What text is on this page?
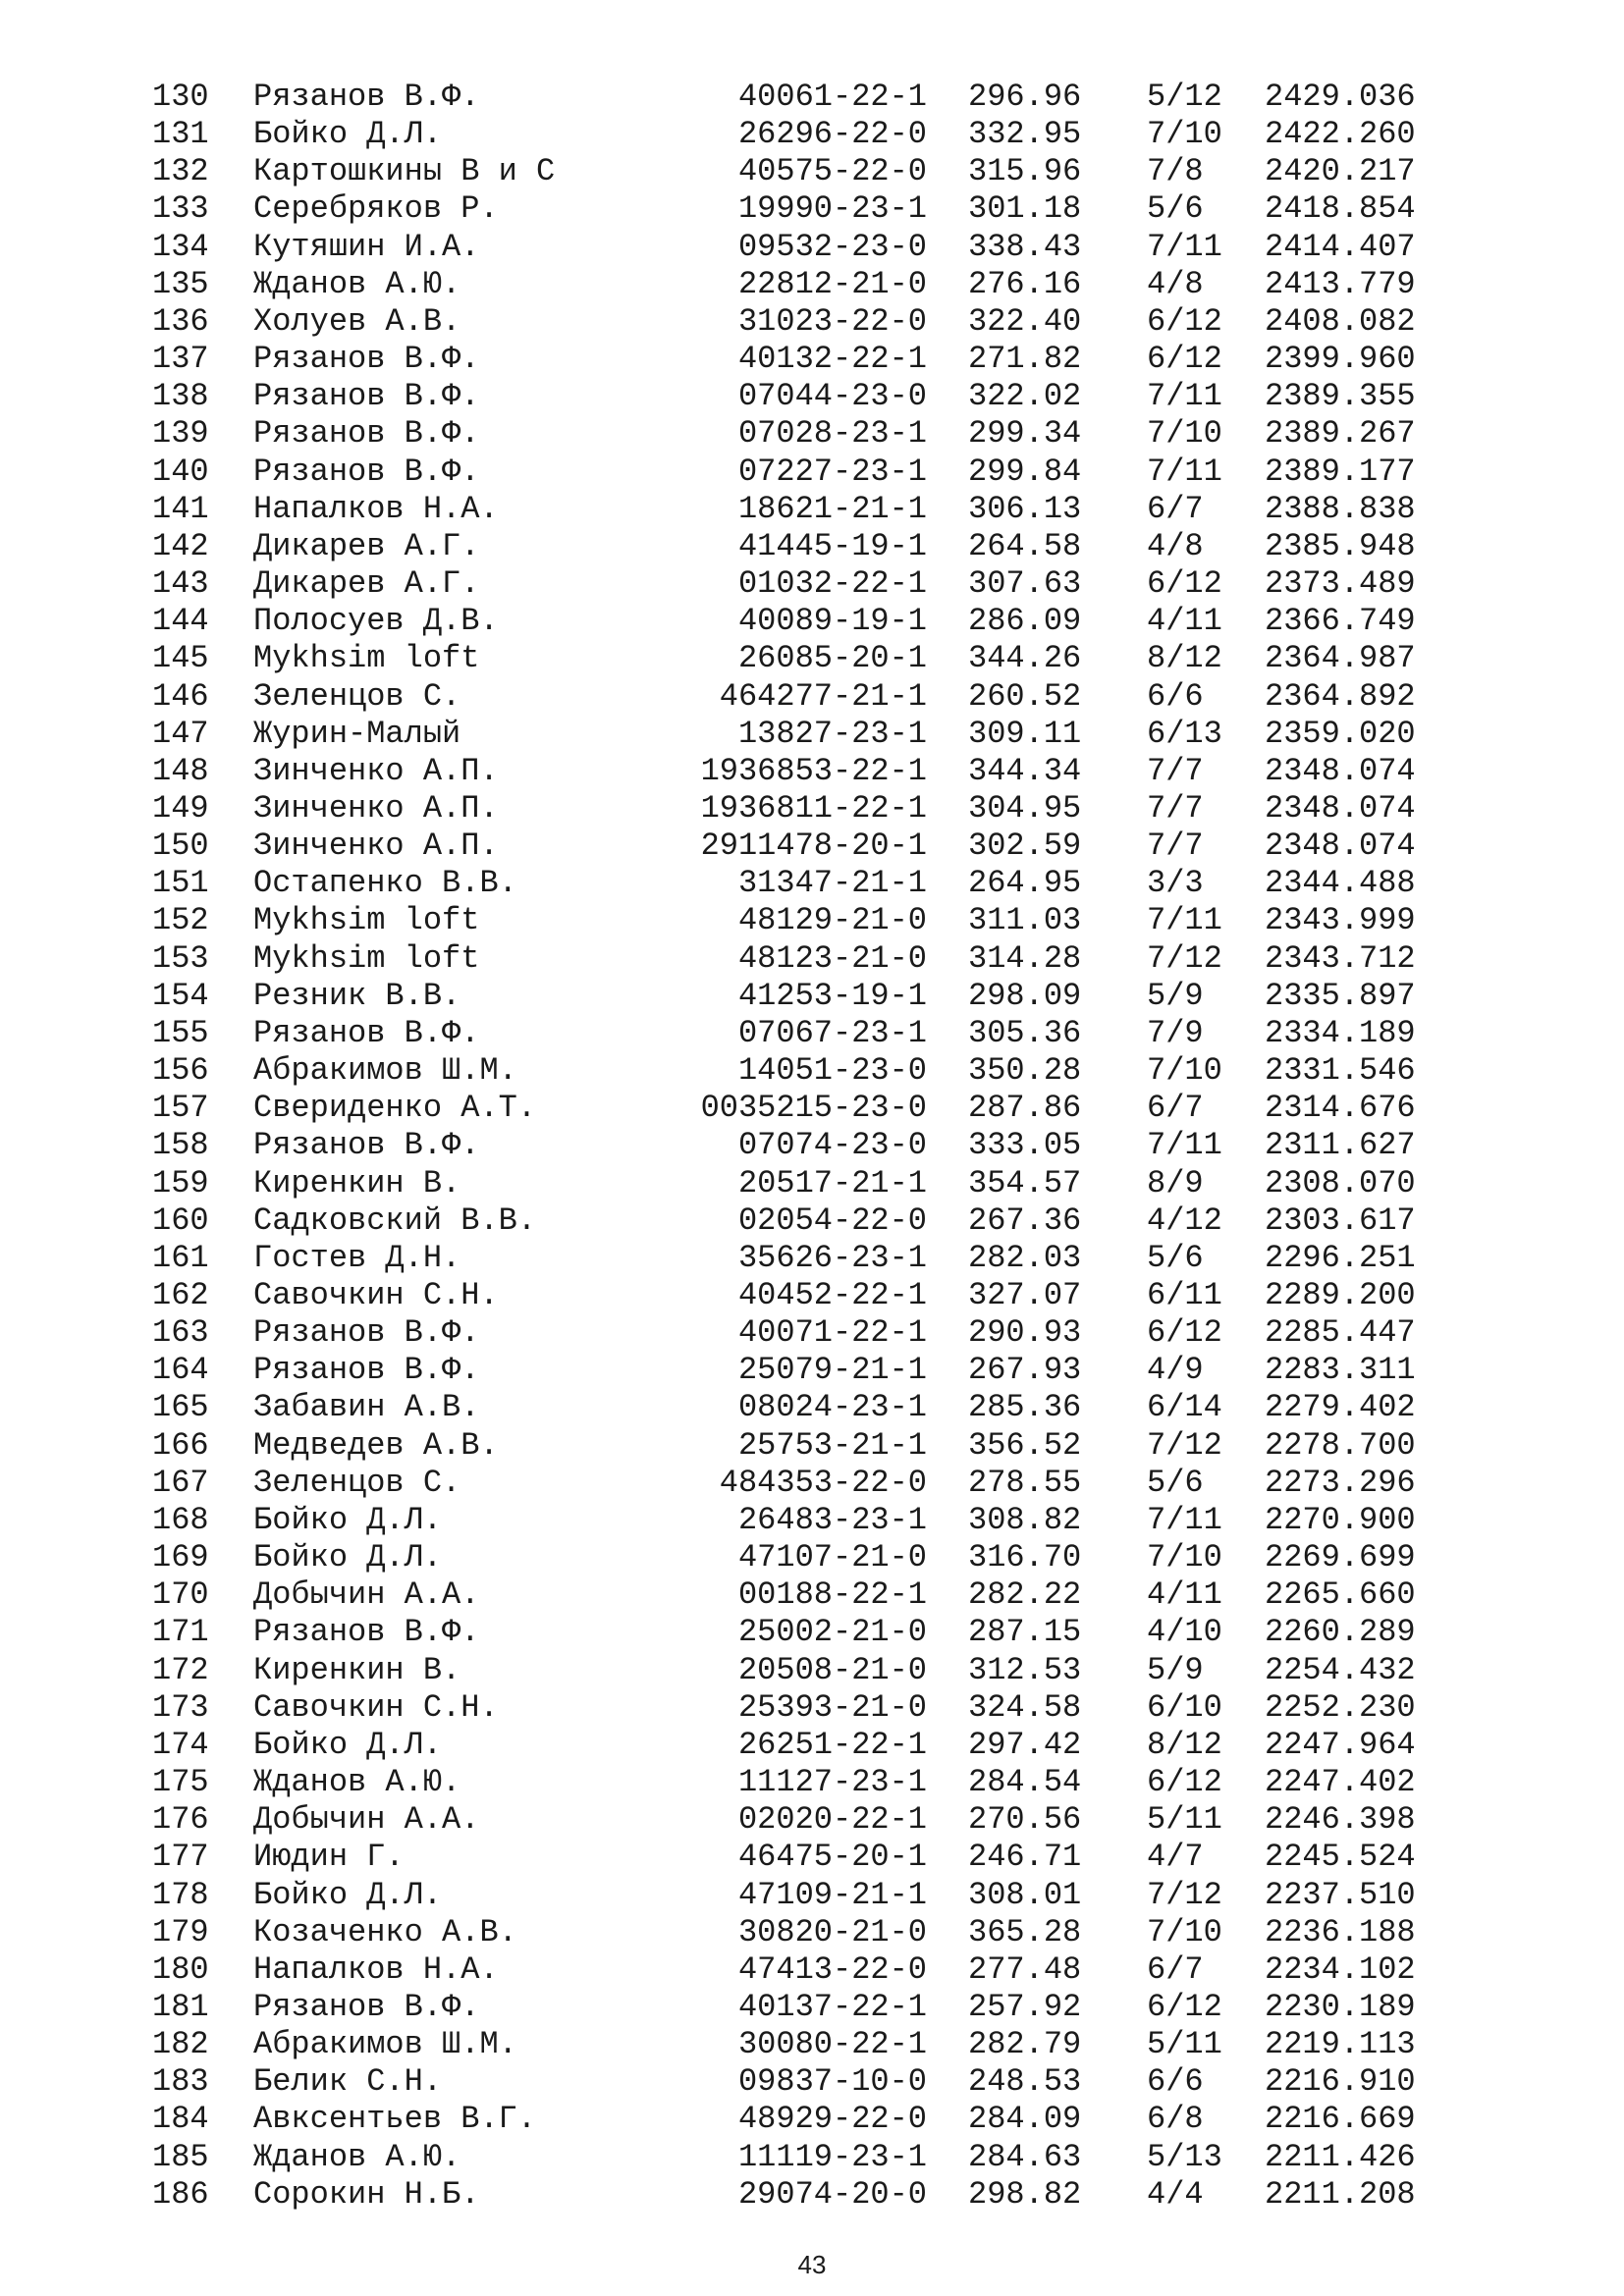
130 Рязанов В.Ф.	40061-22-1 296.96 5/12 2429.036
131 Бойко Д.Л.	26296-22-0 332.95 7/10 2422.260
132 Картошкины В и С	40575-22-0 315.96 7/8 2420.217
133 Серебряков Р.	19990-23-1 301.18 5/6 2418.854
134 Кутяшин И.А.	09532-23-0 338.43 7/11 2414.407
135 Жданов А.Ю.	22812-21-0 276.16 4/8 2413.779
136 Холуев А.В.	31023-22-0 322.40 6/12 2408.082
137 Рязанов В.Ф.	40132-22-1 271.82 6/12 2399.960
138 Рязанов В.Ф.	07044-23-0 322.02 7/11 2389.355
139 Рязанов В.Ф.	07028-23-1 299.34 7/10 2389.267
140 Рязанов В.Ф.	07227-23-1 299.84 7/11 2389.177
141 Напалков Н.А.	18621-21-1 306.13 6/7 2388.838
142 Дикарев А.Г.	41445-19-1 264.58 4/8 2385.948
143 Дикарев А.Г.	01032-22-1 307.63 6/12 2373.489
144 Полосуев Д.В.	40089-19-1 286.09 4/11 2366.749
145 Mykhsim loft	26085-20-1 344.26 8/12 2364.987
146 Зеленцов С.	464277-21-1 260.52 6/6 2364.892
147 Журин-Малый	13827-23-1 309.11 6/13 2359.020
148 Зинченко А.П.	1936853-22-1 344.34 7/7 2348.074
149 Зинченко А.П.	1936811-22-1 304.95 7/7 2348.074
150 Зинченко А.П.	2911478-20-1 302.59 7/7 2348.074
151 Остапенко В.В.	31347-21-1 264.95 3/3 2344.488
152 Mykhsim loft	48129-21-0 311.03 7/11 2343.999
153 Mykhsim loft	48123-21-0 314.28 7/12 2343.712
154 Резник В.В.	41253-19-1 298.09 5/9 2335.897
155 Рязанов В.Ф.	07067-23-1 305.36 7/9 2334.189
156 Абракимов Ш.М.	14051-23-0 350.28 7/10 2331.546
157 Свериденко А.Т.	0035215-23-0 287.86 6/7 2314.676
158 Рязанов В.Ф.	07074-23-0 333.05 7/11 2311.627
159 Киренкин В.	20517-21-1 354.57 8/9 2308.070
160 Садковский В.В.	02054-22-0 267.36 4/12 2303.617
161 Гостев Д.Н.	35626-23-1 282.03 5/6 2296.251
162 Савочкин С.Н.	40452-22-1 327.07 6/11 2289.200
163 Рязанов В.Ф.	40071-22-1 290.93 6/12 2285.447
164 Рязанов В.Ф.	25079-21-1 267.93 4/9 2283.311
165 Забавин А.В.	08024-23-1 285.36 6/14 2279.402
166 Медведев А.В.	25753-21-1 356.52 7/12 2278.700
167 Зеленцов С.	484353-22-0 278.55 5/6 2273.296
168 Бойко Д.Л.	26483-23-1 308.82 7/11 2270.900
169 Бойко Д.Л.	47107-21-0 316.70 7/10 2269.699
170 Добычин А.А.	00188-22-1 282.22 4/11 2265.660
171 Рязанов В.Ф.	25002-21-0 287.15 4/10 2260.289
172 Киренкин В.	20508-21-0 312.53 5/9 2254.432
173 Савочкин С.Н.	25393-21-0 324.58 6/10 2252.230
174 Бойко Д.Л.	26251-22-1 297.42 8/12 2247.964
175 Жданов А.Ю.	11127-23-1 284.54 6/12 2247.402
176 Добычин А.А.	02020-22-1 270.56 5/11 2246.398
177 Июдин Г.	46475-20-1 246.71 4/7 2245.524
178 Бойко Д.Л.	47109-21-1 308.01 7/12 2237.510
179 Козаченко А.В.	30820-21-0 365.28 7/10 2236.188
180 Напалков Н.А.	47413-22-0 277.48 6/7 2234.102
181 Рязанов В.Ф.	40137-22-1 257.92 6/12 2230.189
182 Абракимов Ш.М.	30080-22-1 282.79 5/11 2219.113
183 Белик С.Н.	09837-10-0 248.53 6/6 2216.910
184 Авксентьев В.Г.	48929-22-0 284.09 6/8 2216.669
185 Жданов А.Ю.	11119-23-1 284.63 5/13 2211.426
186 Сорокин Н.Б.	29074-20-0 298.82 4/4 2211.208
43
